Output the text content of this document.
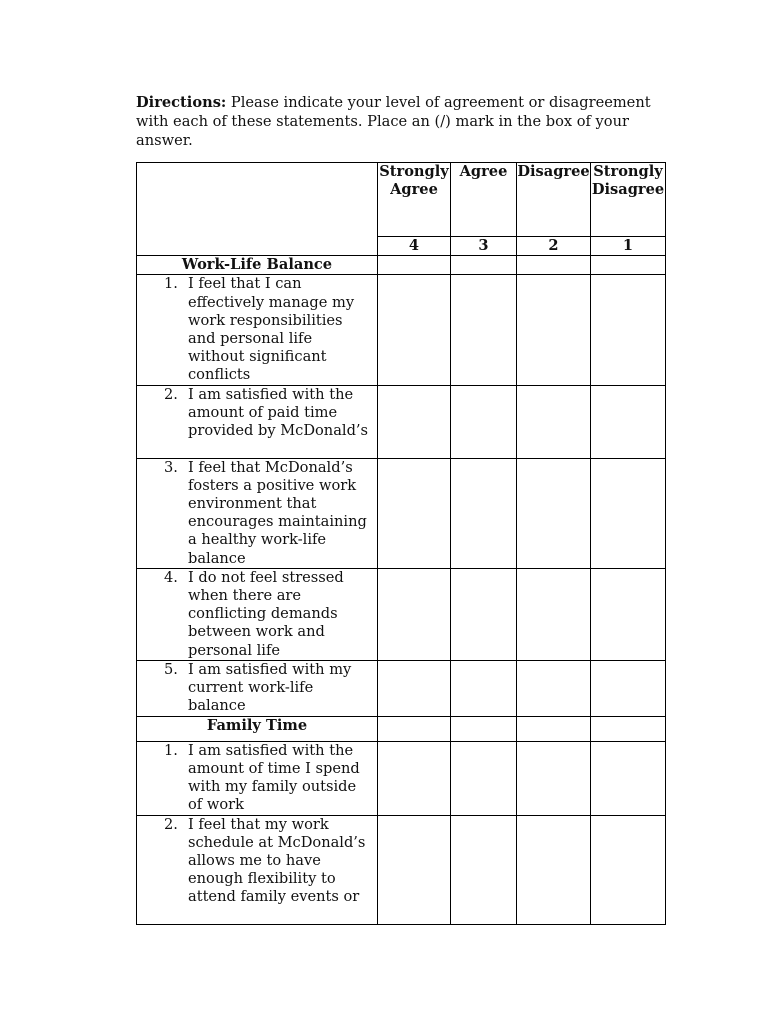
Directions: Please indicate your level of agreement or disagreement with each of these statements. Place an (/) mark in the box of your answer.

	Strongly Agree	Agree	Disagree	Strongly Disagree
	4	3	2	1
Work-Life Balance				

1. I feel that I can effectively manage my work responsibilities and personal life without significant conflicts				

2. I am satisfied with the amount of paid time provided by McDonald’s				

3. I feel that McDonald’s fosters a positive work environment that encourages maintaining a healthy work-life balance				

4. I do not feel stressed when there are conflicting demands between work and personal life				

5. I am satisfied with my current work-life balance				

Family Time				

1. I am satisfied with the amount of time I spend with my family outside of work				

2. I feel that my work schedule at McDonald’s allows me to have enough flexibility to attend family events or				
